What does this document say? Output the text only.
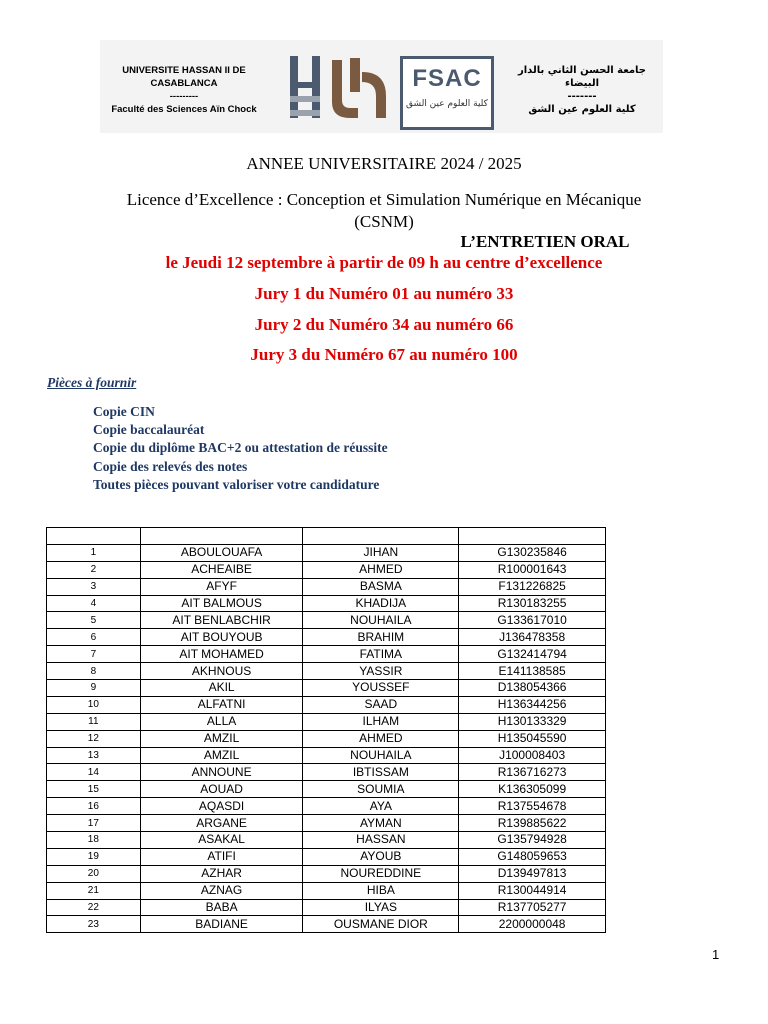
UNIVERSITE HASSAN II DE CASABLANCA
---------
Faculté des Sciences Aïn Chock
FSAC
كلية العلوم عين الشق
جامعة الحسن الثاني بالدار البيضاء
-------
كلية العلوم عين الشق
ANNEE UNIVERSITAIRE 2024 / 2025
Licence d’Excellence : Conception et Simulation Numérique en Mécanique
(CSNM)
L’ENTRETIEN ORAL
le Jeudi 12 septembre à partir de 09 h au centre d’excellence
Jury 1 du Numéro 01 au numéro 33
Jury 2 du Numéro 34 au numéro 66
Jury 3 du Numéro 67 au numéro 100
Pièces à fournir
Copie CIN
Copie baccalauréat
Copie du diplôme BAC+2 ou attestation de réussite
Copie des relevés des notes
Toutes pièces pouvant valoriser votre candidature

1	ABOULOUAFA	JIHAN	G130235846
2	ACHEAIBE	AHMED	R100001643
3	AFYF	BASMA	F131226825
4	AIT BALMOUS	KHADIJA	R130183255
5	AIT BENLABCHIR	NOUHAILA	G133617010
6	AIT BOUYOUB	BRAHIM	J136478358
7	AIT MOHAMED	FATIMA	G132414794
8	AKHNOUS	YASSIR	E141138585
9	AKIL	YOUSSEF	D138054366
10	ALFATNI	SAAD	H136344256
11	ALLA	ILHAM	H130133329
12	AMZIL	AHMED	H135045590
13	AMZIL	NOUHAILA	J100008403
14	ANNOUNE	IBTISSAM	R136716273
15	AOUAD	SOUMIA	K136305099
16	AQASDI	AYA	R137554678
17	ARGANE	AYMAN	R139885622
18	ASAKAL	HASSAN	G135794928
19	ATIFI	AYOUB	G148059653
20	AZHAR	NOUREDDINE	D139497813
21	AZNAG	HIBA	R130044914
22	BABA	ILYAS	R137705277
23	BADIANE	OUSMANE DIOR	2200000048
1
